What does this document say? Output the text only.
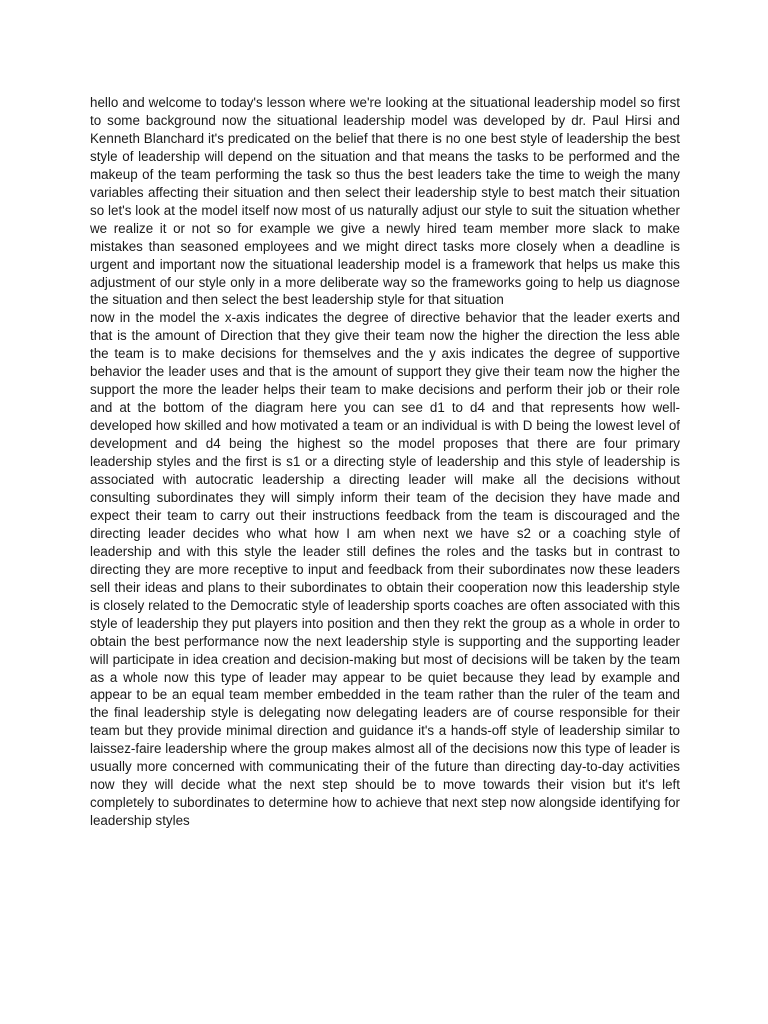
hello and welcome to today's lesson where we're looking at the situational leadership model so first to some background now the situational leadership model was developed by dr. Paul Hirsi and Kenneth Blanchard it's predicated on the belief that there is no one best style of leadership the best style of leadership will depend on the situation and that means the tasks to be performed and the makeup of the team performing the task so thus the best leaders take the time to weigh the many variables affecting their situation and then select their leadership style to best match their situation so let's look at the model itself now most of us naturally adjust our style to suit the situation whether we realize it or not so for example we give a newly hired team member more slack to make mistakes than seasoned employees and we might direct tasks more closely when a deadline is urgent and important now the situational leadership model is a framework that helps us make this adjustment of our style only in a more deliberate way so the frameworks going to help us diagnose the situation and then select the best leadership style for that situation

now in the model the x-axis indicates the degree of directive behavior that the leader exerts and that is the amount of Direction that they give their team now the higher the direction the less able the team is to make decisions for themselves and the y axis indicates the degree of supportive behavior the leader uses and that is the amount of support they give their team now the higher the support the more the leader helps their team to make decisions and perform their job or their role and at the bottom of the diagram here you can see d1 to d4 and that represents how well-developed how skilled and how motivated a team or an individual is with D being the lowest level of development and d4 being the highest so the model proposes that there are four primary leadership styles and the first is s1 or a directing style of leadership and this style of leadership is associated with autocratic leadership a directing leader will make all the decisions without consulting subordinates they will simply inform their team of the decision they have made and expect their team to carry out their instructions feedback from the team is discouraged and the directing leader decides who what how I am when next we have s2 or a coaching style of leadership and with this style the leader still defines the roles and the tasks but in contrast to directing they are more receptive to input and feedback from their subordinates now these leaders sell their ideas and plans to their subordinates to obtain their cooperation now this leadership style is closely related to the Democratic style of leadership sports coaches are often associated with this style of leadership they put players into position and then they rekt the group as a whole in order to obtain the best performance now the next leadership style is supporting and the supporting leader will participate in idea creation and decision-making but most of decisions will be taken by the team as a whole now this type of leader may appear to be quiet because they lead by example and appear to be an equal team member embedded in the team rather than the ruler of the team and the final leadership style is delegating now delegating leaders are of course responsible for their team but they provide minimal direction and guidance it's a hands-off style of leadership similar to laissez-faire leadership where the group makes almost all of the decisions now this type of leader is usually more concerned with communicating their of the future than directing day-to-day activities now they will decide what the next step should be to move towards their vision but it's left completely to subordinates to determine how to achieve that next step now alongside identifying for leadership styles
